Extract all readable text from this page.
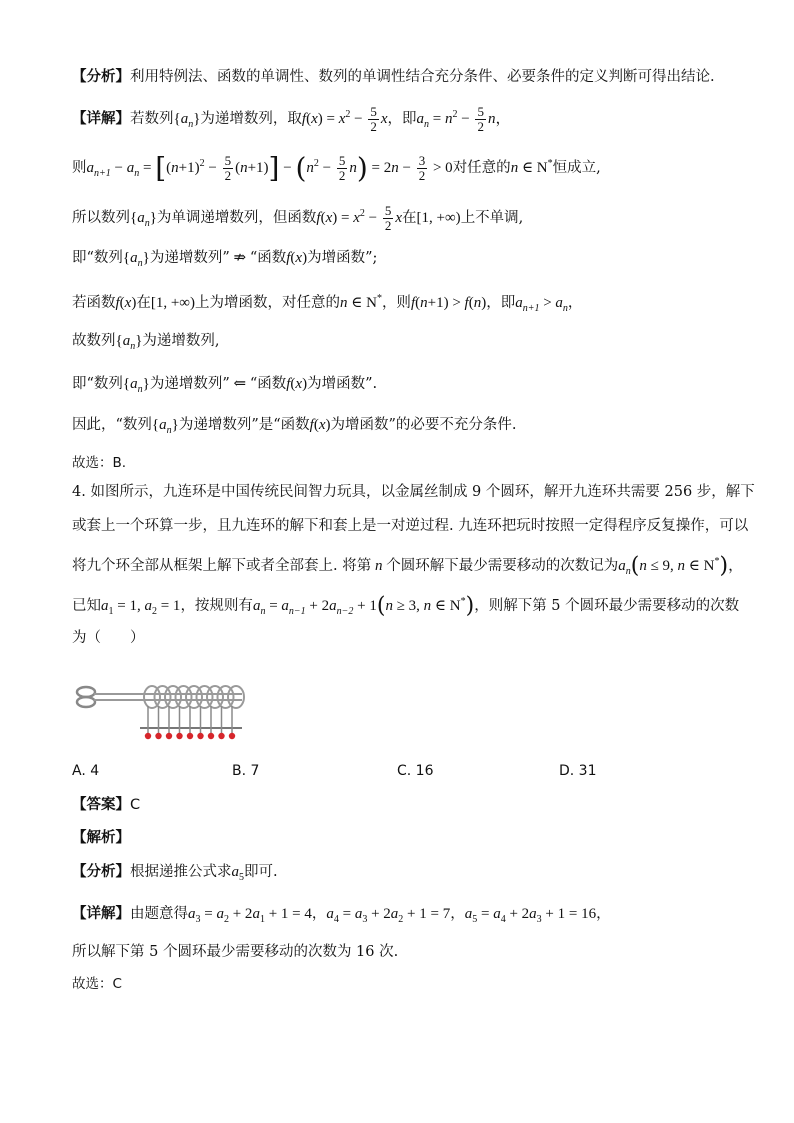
【分析】利用特例法、函数的单调性、数列的单调性结合充分条件、必要条件的定义判断可得出结论.
【详解】若数列$\{a_n\}$为递增数列，取$f(x) = x^2 - \frac{5}{2}$ x，即$a_n = n^2 - \frac{5}{2}$ n，
则$a_{n+1} - a_n = [(n+1)^2 - \frac{5}{2} (n+1)] - (n^2 - \frac{5}{2} n) = 2n - \frac{3}{2} > 0$对任意的n ∈ N*恒成立,
所以数列$\{a_n\}$为单调递增数列，但函数$f(x) = x^2 - \frac{5}{2}$ x在[1, +∞)上不单调,
即“数列$\{a_n\}$为递增数列” ⇏ “函数f(x)为增函数”;
若函数f(x)在[1, +∞)上为增函数，对任意的n ∈ N*，则f(n+1) > f(n)，即$a_{n+1} > a_n$，
故数列$\{a_n\}$为递增数列,
即“数列$\{a_n\}$为递增数列” ⇐ “函数f(x)为增函数”.
因此，“数列$\{a_n\}$为递增数列”是“函数f(x)为增函数”的必要不充分条件.
故选：B.
4. 如图所示，九连环是中国传统民间智力玩具，以金属丝制成 9 个圆环，解开九连环共需要 256 步，解下
或套上一个环算一步，且九连环的解下和套上是一对逆过程. 九连环把玩时按照一定得程序反复操作，可以
将九个环全部从框架上解下或者全部套上. 将第 n 个圆环解下最少需要移动的次数记为$a_n(n \le 9$, n ∈ N*)，
已知$a_1 = 1$, $a_2 = 1$，按规则有$a_n = a_{n-1} + 2a_{n-2} + 1(n \ge 3$, n ∈ N*)，则解下第 5 个圆环最少需要移动的次数
为（　　）
A. 4	B. 7	C. 16	D. 31
【答案】C
【解析】
【分析】根据递推公式求$a_5$即可.
【详解】由题意得$a_3 = a_2 + 2a_1 + 1 = 4$，$a_4 = a_3 + 2a_2 + 1 = 7$，$a_5 = a_4 + 2a_3 + 1 = 16$，
所以解下第 5 个圆环最少需要移动的次数为 16 次.
故选：C
